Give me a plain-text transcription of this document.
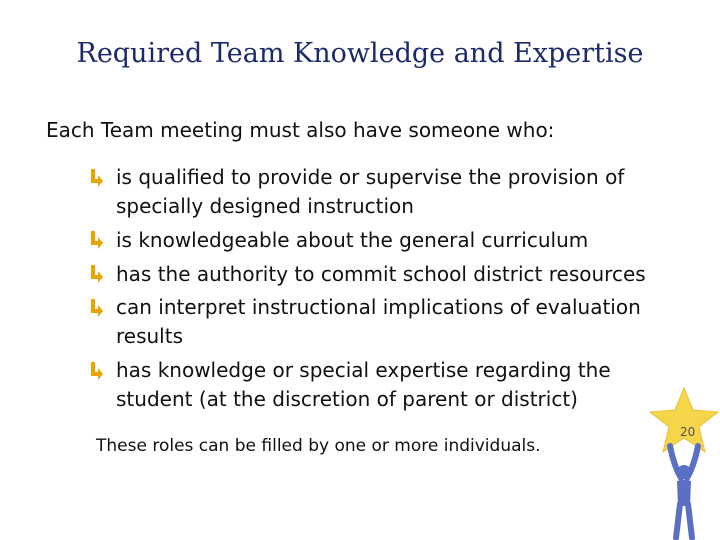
Required Team Knowledge and Expertise
Each Team meeting must also have someone who:
is qualified to provide or supervise the provision of specially designed instruction
is knowledgeable about the general curriculum
has the authority to commit school district resources
can interpret instructional implications of evaluation results
has knowledge or special expertise regarding the student (at the discretion of parent or district)
These roles can be filled by one or more individuals.
20
